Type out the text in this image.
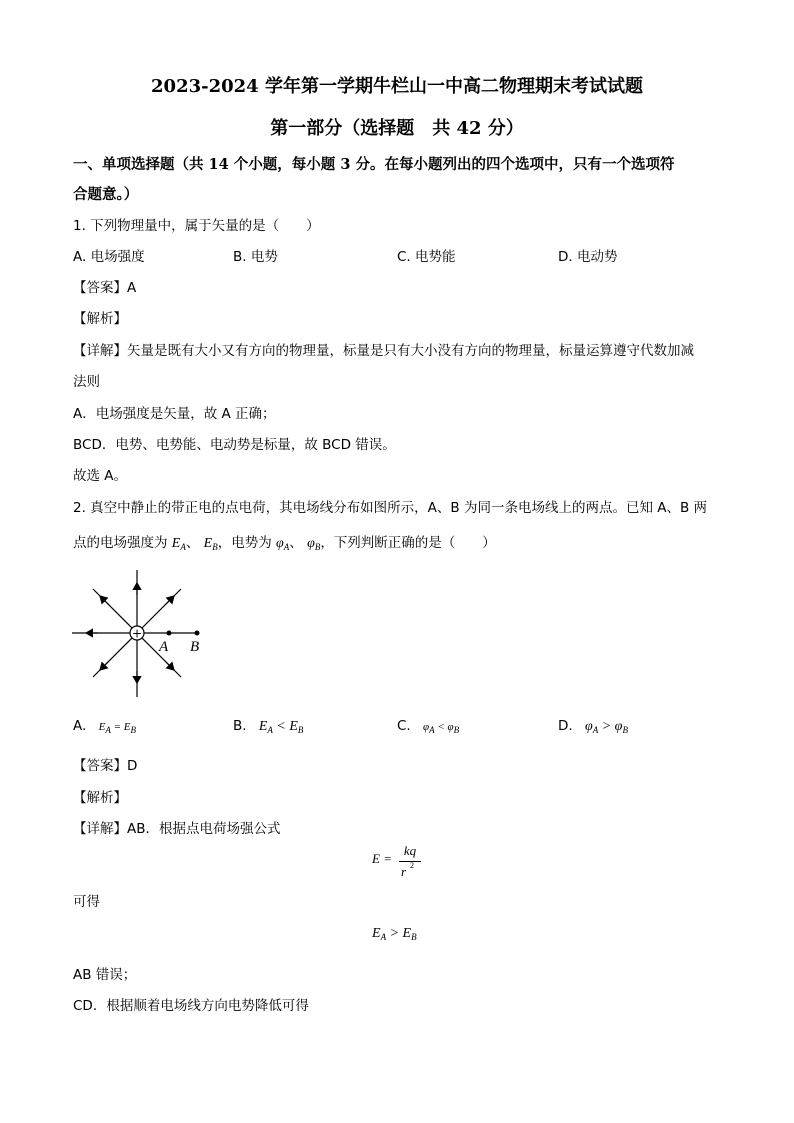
2023-2024 学年第一学期牛栏山一中高二物理期末考试试题
第一部分（选择题　共 42 分）
一、单项选择题（共 14 个小题，每小题 3 分。在每小题列出的四个选项中，只有一个选项符
合题意。）
1. 下列物理量中，属于矢量的是（　　）
A. 电场强度	B. 电势	C. 电势能	D. 电动势
【答案】A
【解析】
【详解】矢量是既有大小又有方向的物理量，标量是只有大小没有方向的物理量，标量运算遵守代数加减
法则
A．电场强度是矢量，故 A 正确；
BCD．电势、电势能、电动势是标量，故 BCD 错误。
故选 A。
2. 真空中静止的带正电的点电荷，其电场线分布如图所示，A、B 为同一条电场线上的两点。已知 A、B 两
点的电场强度为 $E_A$、 $E_B$，电势为 $\varphi_A$、 $\varphi_B$，下列判断正确的是（　　）
+
A B
A. $E_A = E_B$	B. $E_A < E_B$	C. $\varphi_A < \varphi_B$	D. $\varphi_A > \varphi_B$
【答案】D
【解析】
【详解】AB．根据点电荷场强公式
E =
kq
r 2
可得
$E_A > E_B$
AB 错误；
CD．根据顺着电场线方向电势降低可得
